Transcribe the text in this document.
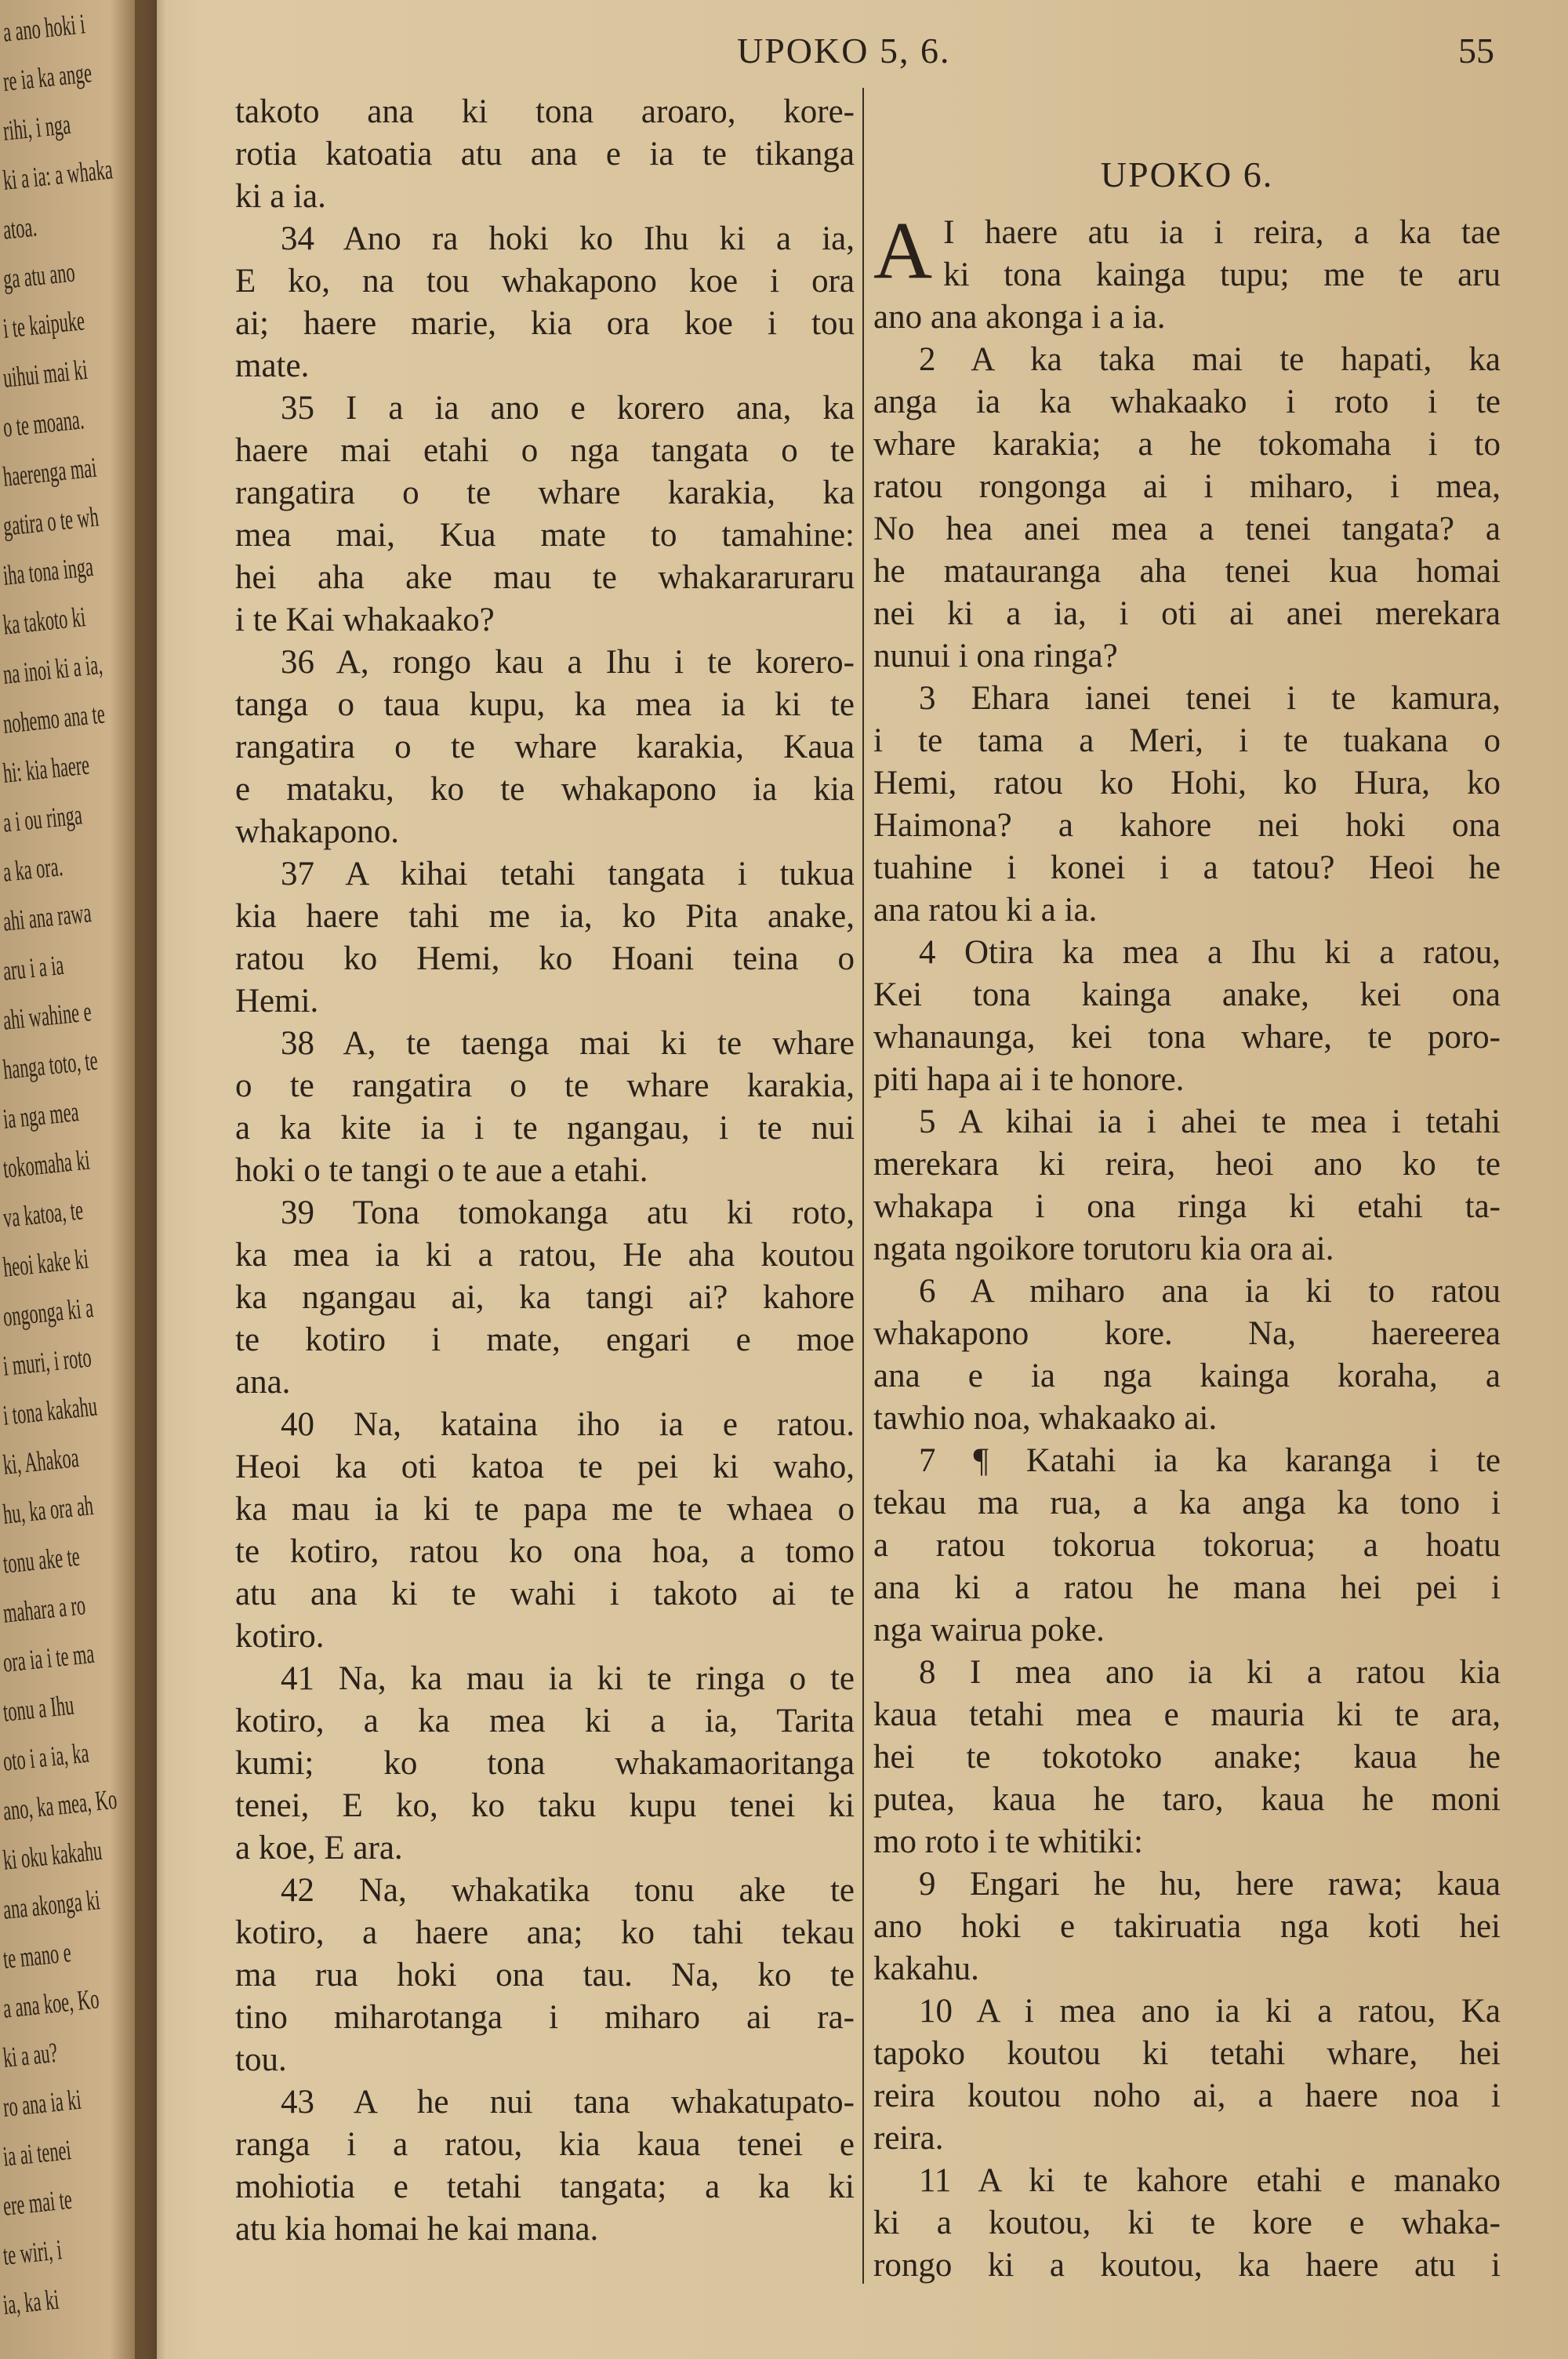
a ano hoki i
re ia ka ange
rihi, i nga
ki a ia: a whaka
atoa.
ga atu ano
i te kaipuke
uihui mai ki
o te moana.
haerenga mai
gatira o te wh
iha tona inga
ka takoto ki
na inoi ki a ia,
nohemo ana te
hi: kia haere
a i ou ringa
a ka ora.
ahi ana rawa
aru i a ia
ahi wahine e
hanga toto, te
ia nga mea
tokomaha ki
va katoa, te
heoi kake ki
ongonga ki a
i muri, i roto
i tona kakahu
ki, Ahakoa
hu, ka ora ah
tonu ake te
mahara a ro
ora ia i te ma
tonu a Ihu
oto i a ia, ka
ano, ka mea, Ko
ki oku kakahu
ana akonga ki
te mano e
a ana koe, Ko
ki a au?
ro ana ia ki
ia ai tenei
ere mai te
te wiri, i
ia, ka ki
UPOKO 5, 6.	55
takoto ana ki tona aroaro, kore-
rotia katoatia atu ana e ia te tikanga
ki a ia.
34 Ano ra hoki ko Ihu ki a ia,
E ko, na tou whakapono koe i ora
ai; haere marie, kia ora koe i tou
mate.
35 I a ia ano e korero ana, ka
haere mai etahi o nga tangata o te
rangatira o te whare karakia, ka
mea mai, Kua mate to tamahine:
hei aha ake mau te whakararuraru
i te Kai whakaako?
36 A, rongo kau a Ihu i te korero-
tanga o taua kupu, ka mea ia ki te
rangatira o te whare karakia, Kaua
e mataku, ko te whakapono ia kia
whakapono.
37 A kihai tetahi tangata i tukua
kia haere tahi me ia, ko Pita anake,
ratou ko Hemi, ko Hoani teina o
Hemi.
38 A, te taenga mai ki te whare
o te rangatira o te whare karakia,
a ka kite ia i te ngangau, i te nui
hoki o te tangi o te aue a etahi.
39 Tona tomokanga atu ki roto,
ka mea ia ki a ratou, He aha koutou
ka ngangau ai, ka tangi ai? kahore
te kotiro i mate, engari e moe
ana.
40 Na, kataina iho ia e ratou.
Heoi ka oti katoa te pei ki waho,
ka mau ia ki te papa me te whaea o
te kotiro, ratou ko ona hoa, a tomo
atu ana ki te wahi i takoto ai te
kotiro.
41 Na, ka mau ia ki te ringa o te
kotiro, a ka mea ki a ia, Tarita
kumi; ko tona whakamaoritanga
tenei, E ko, ko taku kupu tenei ki
a koe, E ara.
42 Na, whakatika tonu ake te
kotiro, a haere ana; ko tahi tekau
ma rua hoki ona tau. Na, ko te
tino miharotanga i miharo ai ra-
tou.
43 A he nui tana whakatupato-
ranga i a ratou, kia kaua tenei e
mohiotia e tetahi tangata; a ka ki
atu kia homai he kai mana.
UPOKO 6.
A I haere atu ia i reira, a ka tae
ki tona kainga tupu; me te aru
ano ana akonga i a ia.
2 A ka taka mai te hapati, ka
anga ia ka whakaako i roto i te
whare karakia; a he tokomaha i to
ratou rongonga ai i miharo, i mea,
No hea anei mea a tenei tangata? a
he matauranga aha tenei kua homai
nei ki a ia, i oti ai anei merekara
nunui i ona ringa?
3 Ehara ianei tenei i te kamura,
i te tama a Meri, i te tuakana o
Hemi, ratou ko Hohi, ko Hura, ko
Haimona? a kahore nei hoki ona
tuahine i konei i a tatou? Heoi he
ana ratou ki a ia.
4 Otira ka mea a Ihu ki a ratou,
Kei tona kainga anake, kei ona
whanaunga, kei tona whare, te poro-
piti hapa ai i te honore.
5 A kihai ia i ahei te mea i tetahi
merekara ki reira, heoi ano ko te
whakapa i ona ringa ki etahi ta-
ngata ngoikore torutoru kia ora ai.
6 A miharo ana ia ki to ratou
whakapono kore. Na, haereerea
ana e ia nga kainga koraha, a
tawhio noa, whakaako ai.
7 ¶ Katahi ia ka karanga i te
tekau ma rua, a ka anga ka tono i
a ratou tokorua tokorua; a hoatu
ana ki a ratou he mana hei pei i
nga wairua poke.
8 I mea ano ia ki a ratou kia
kaua tetahi mea e mauria ki te ara,
hei te tokotoko anake; kaua he
putea, kaua he taro, kaua he moni
mo roto i te whitiki:
9 Engari he hu, here rawa; kaua
ano hoki e takiruatia nga koti hei
kakahu.
10 A i mea ano ia ki a ratou, Ka
tapoko koutou ki tetahi whare, hei
reira koutou noho ai, a haere noa i
reira.
11 A ki te kahore etahi e manako
ki a koutou, ki te kore e whaka-
rongo ki a koutou, ka haere atu i
